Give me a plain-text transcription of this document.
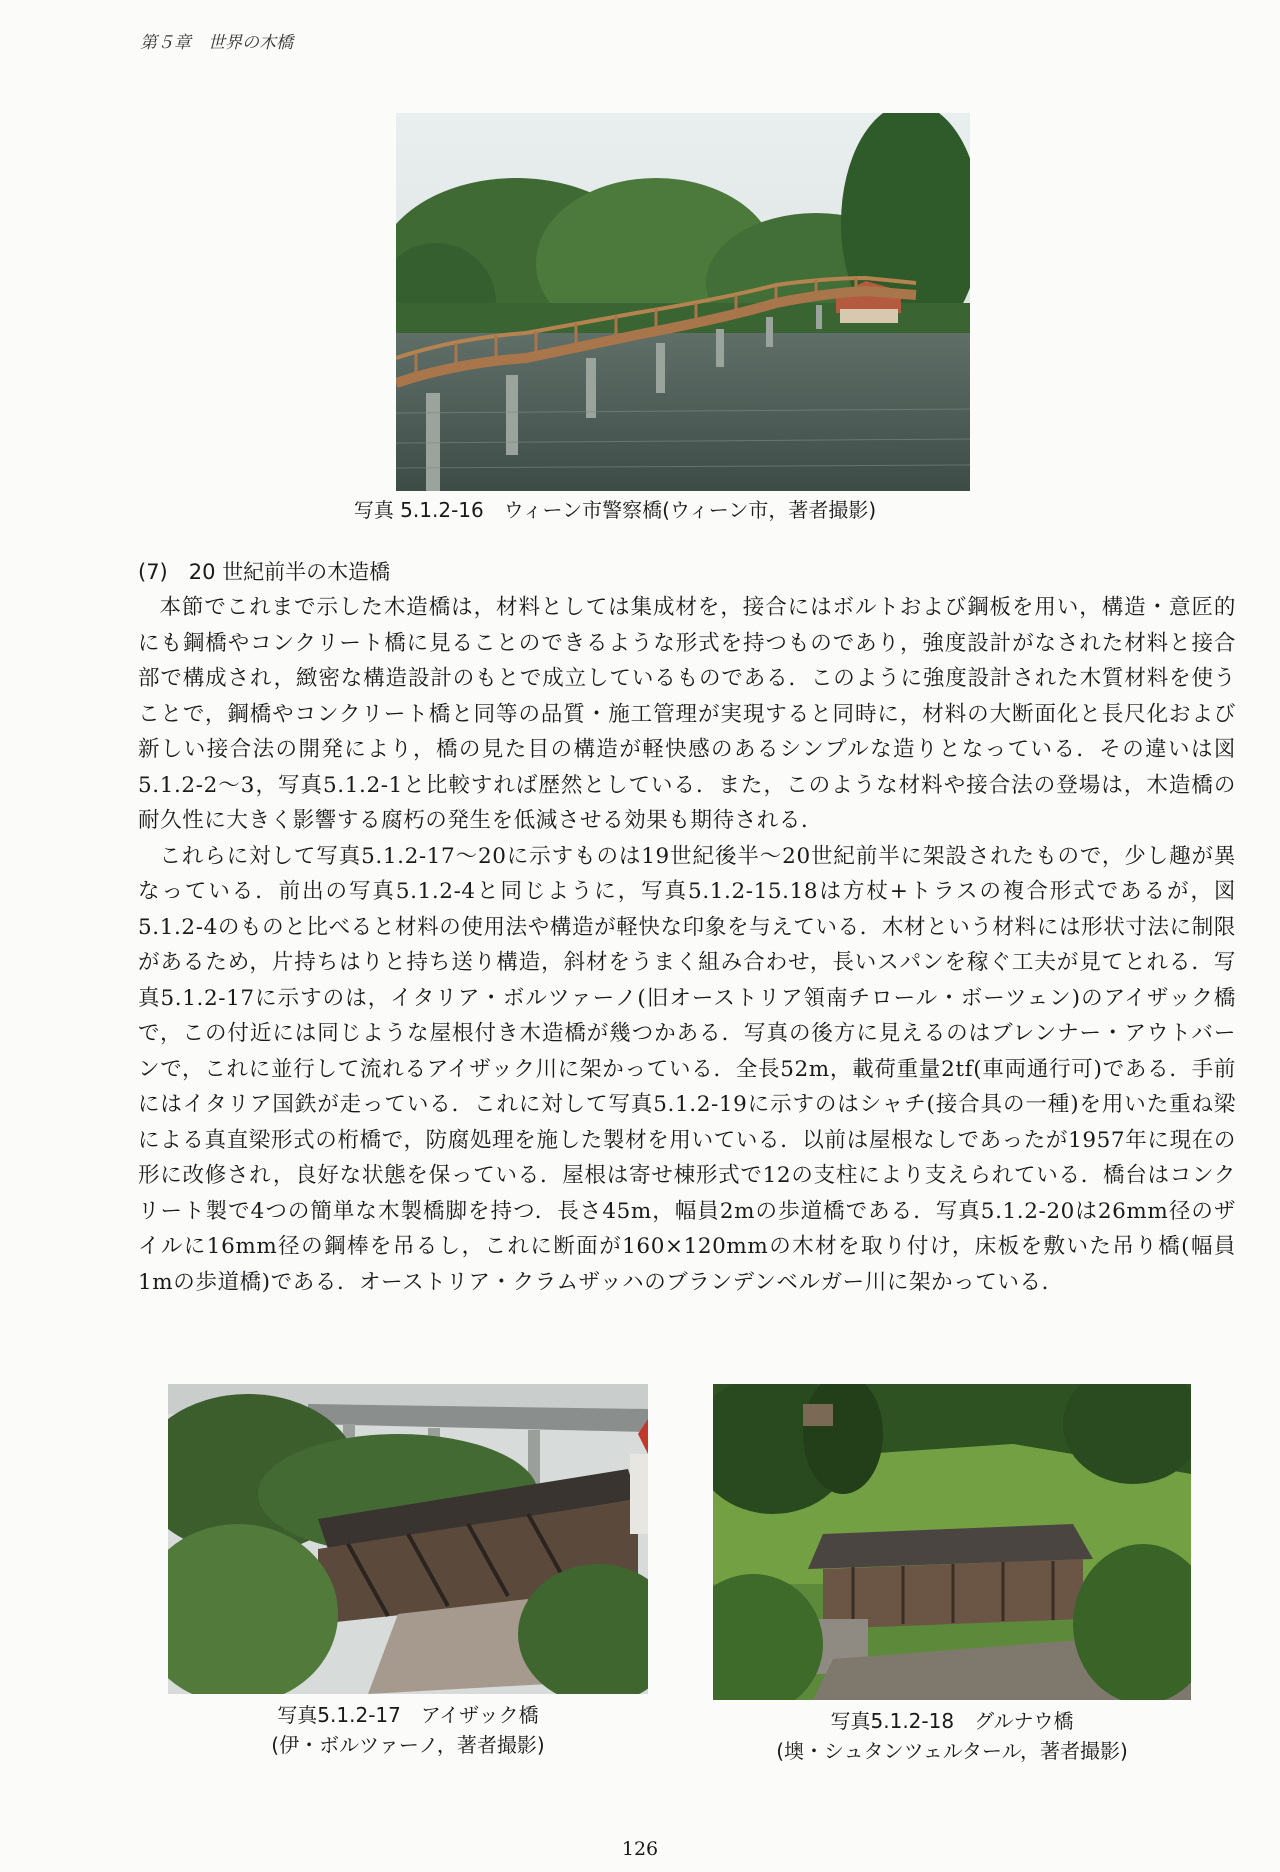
第５章　世界の木橋
写真 5.1.2-16　ウィーン市警察橋(ウィーン市，著者撮影)
(7)　20 世紀前半の木造橋

本節でこれまで示した木造橋は，材料としては集成材を，接合にはボルトおよび鋼板を用い，構造・意匠的にも鋼橋やコンクリート橋に見ることのできるような形式を持つものであり，強度設計がなされた材料と接合部で構成され，緻密な構造設計のもとで成立しているものである．このように強度設計された木質材料を使うことで，鋼橋やコンクリート橋と同等の品質・施工管理が実現すると同時に，材料の大断面化と長尺化および新しい接合法の開発により，橋の見た目の構造が軽快感のあるシンプルな造りとなっている．その違いは図5.1.2-2～3，写真5.1.2-1と比較すれば歴然としている．また，このような材料や接合法の登場は，木造橋の耐久性に大きく影響する腐朽の発生を低減させる効果も期待される．

これらに対して写真5.1.2-17～20に示すものは19世紀後半～20世紀前半に架設されたもので，少し趣が異なっている．前出の写真5.1.2-4と同じように，写真5.1.2-15.18は方杖+トラスの複合形式であるが，図5.1.2-4のものと比べると材料の使用法や構造が軽快な印象を与えている．木材という材料には形状寸法に制限があるため，片持ちはりと持ち送り構造，斜材をうまく組み合わせ，長いスパンを稼ぐ工夫が見てとれる．写真5.1.2-17に示すのは，イタリア・ボルツァーノ(旧オーストリア領南チロール・ボーツェン)のアイザック橋で，この付近には同じような屋根付き木造橋が幾つかある．写真の後方に見えるのはブレンナー・アウトバーンで，これに並行して流れるアイザック川に架かっている．全長52m，載荷重量2tf(車両通行可)である．手前にはイタリア国鉄が走っている．これに対して写真5.1.2-19に示すのはシャチ(接合具の一種)を用いた重ね梁による真直梁形式の桁橋で，防腐処理を施した製材を用いている．以前は屋根なしであったが1957年に現在の形に改修され，良好な状態を保っている．屋根は寄せ棟形式で12の支柱により支えられている．橋台はコンクリート製で4つの簡単な木製橋脚を持つ．長さ45m，幅員2mの歩道橋である．写真5.1.2-20は26mm径のザイルに16mm径の鋼棒を吊るし，これに断面が160×120mmの木材を取り付け，床板を敷いた吊り橋(幅員1mの歩道橋)である．オーストリア・クラムザッハのブランデンベルガー川に架かっている．

写真5.1.2-17　アイザック橋
(伊・ボルツァーノ，著者撮影)
写真5.1.2-18　グルナウ橋
(墺・シュタンツェルタール，著者撮影)
126
